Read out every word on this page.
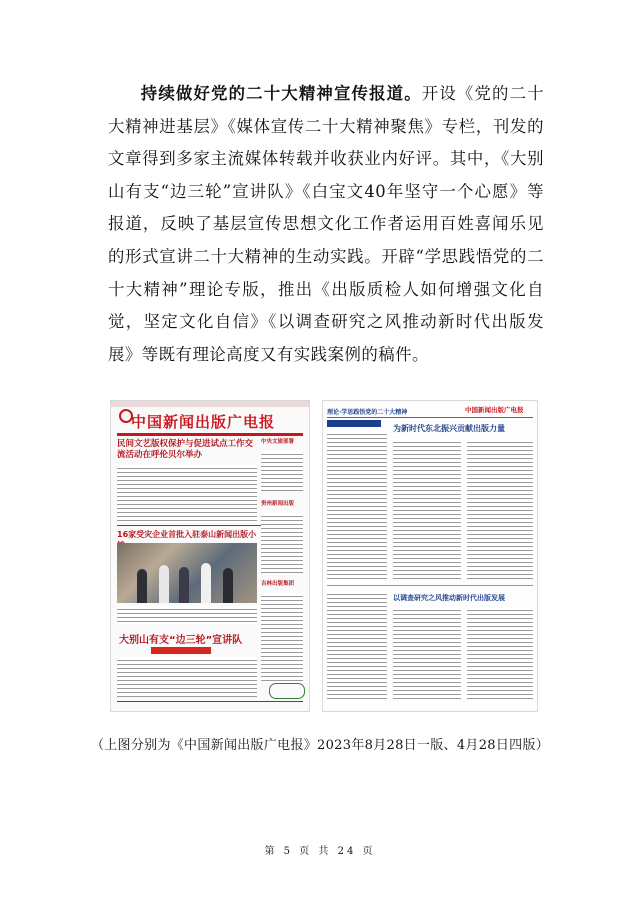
持续做好党的二十大精神宣传报道。开设《党的二十大精神进基层》《媒体宣传二十大精神聚焦》专栏，刊发的文章得到多家主流媒体转载并收获业内好评。其中，《大别山有支“边三轮”宣讲队》《白宝文40年坚守一个心愿》等报道，反映了基层宣传思想文化工作者运用百姓喜闻乐见的形式宣讲二十大精神的生动实践。开辟“学思践悟党的二十大精神”理论专版，推出《出版质检人如何增强文化自觉，坚定文化自信》《以调查研究之风推动新时代出版发展》等既有理论高度又有实践案例的稿件。
中国新闻出版广电报
民间文艺版权保护与促进试点工作交流活动在呼伦贝尔举办
中央文旅部署
16家受灾企业首批入驻泰山新闻出版小
贵州新闻出版
吉林出版集团
大别山有支“边三轮”宣讲队
理论·学思践悟党的二十大精神	中国新闻出版广电报
为新时代东北振兴贡献出版力量
以调查研究之风推动新时代出版发展
（上图分别为《中国新闻出版广电报》2023年8月28日一版、4月28日四版）
第 5 页 共 24 页
